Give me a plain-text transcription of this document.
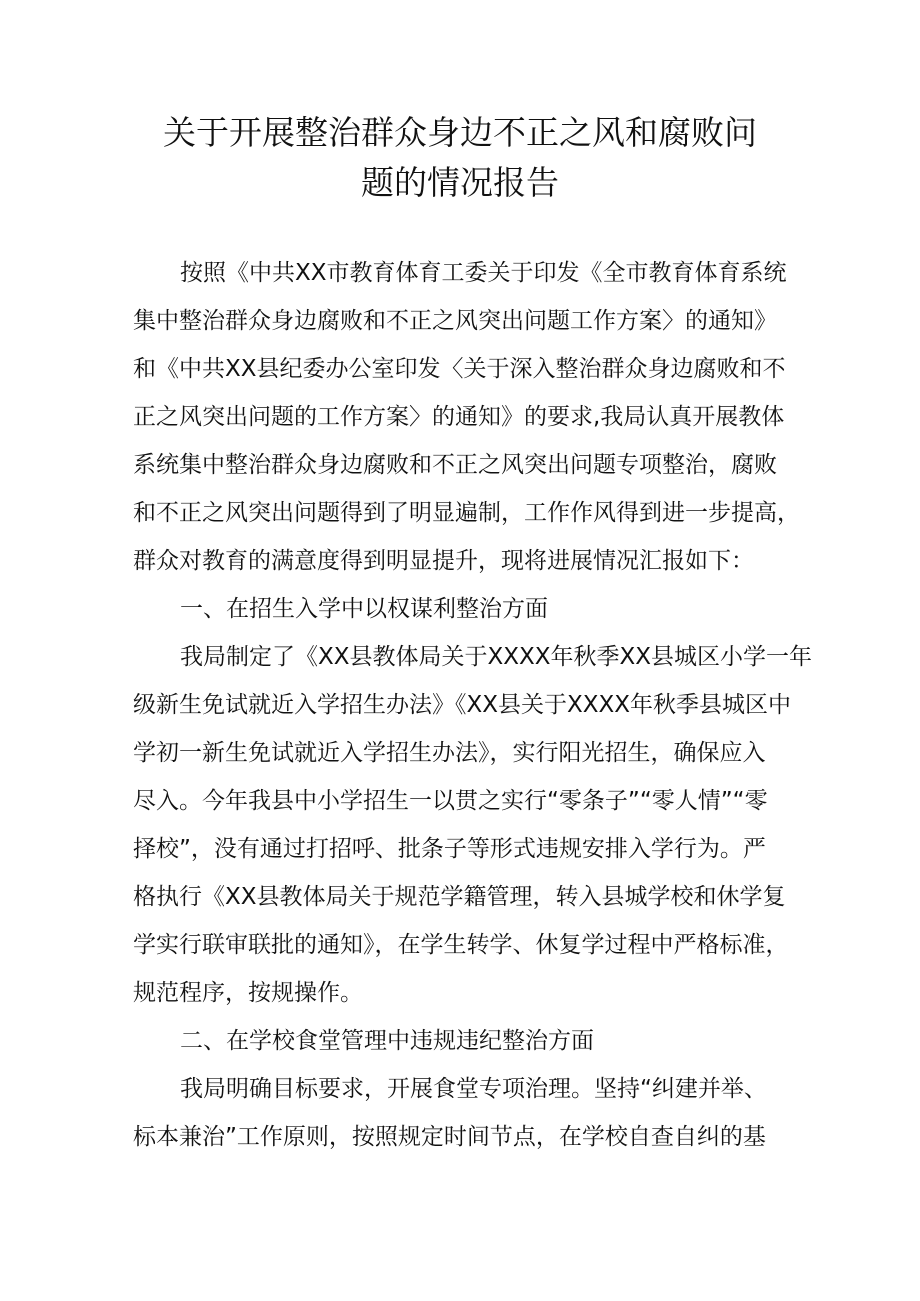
关于开展整治群众身边不正之风和腐败问
题的情况报告
按照《中共XX市教育体育工委关于印发《全市教育体育系统
集中整治群众身边腐败和不正之风突出问题工作方案〉的通知》
和《中共XX县纪委办公室印发〈关于深入整治群众身边腐败和不
正之风突出问题的工作方案〉的通知》的要求,我局认真开展教体
系统集中整治群众身边腐败和不正之风突出问题专项整治，腐败
和不正之风突出问题得到了明显遍制，工作作风得到进一步提高，
群众对教育的满意度得到明显提升，现将进展情况汇报如下：
一、在招生入学中以权谋利整治方面
我局制定了《XX县教体局关于XXXX年秋季XX县城区小学一年
级新生免试就近入学招生办法》《XX县关于XXXX年秋季县城区中
学初一新生免试就近入学招生办法》，实行阳光招生，确保应入
尽入。今年我县中小学招生一以贯之实行“零条子”“零人情”“零
择校”，没有通过打招呼、批条子等形式违规安排入学行为。严
格执行《XX县教体局关于规范学籍管理，转入县城学校和休学复
学实行联审联批的通知》，在学生转学、休复学过程中严格标准，
规范程序，按规操作。
二、在学校食堂管理中违规违纪整治方面
我局明确目标要求，开展食堂专项治理。坚持“纠建并举、
标本兼治”工作原则，按照规定时间节点，在学校自查自纠的基
